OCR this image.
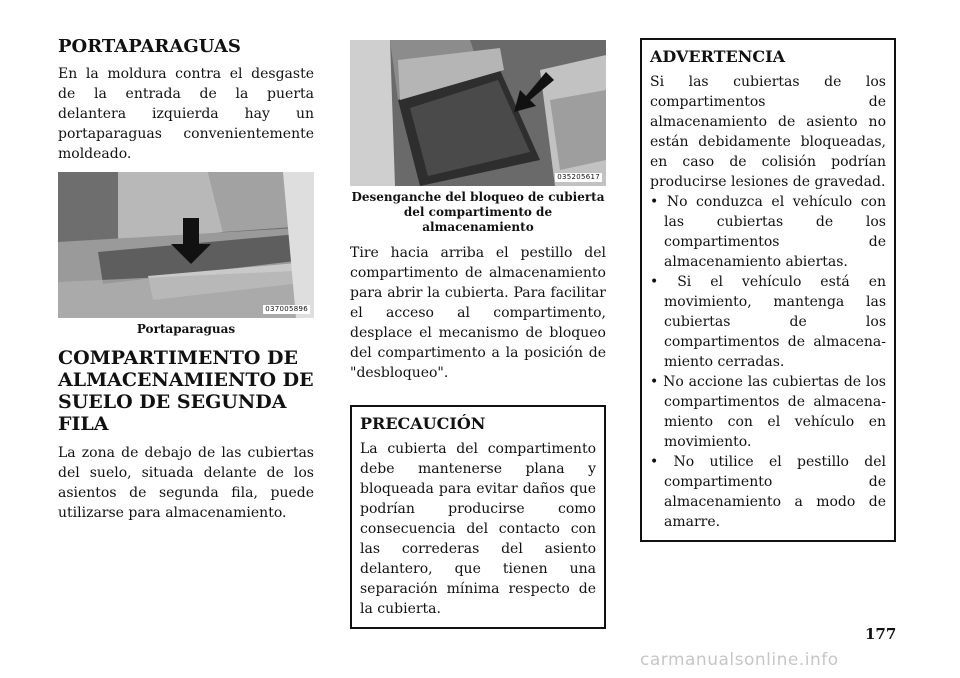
PORTAPARAGUAS

En la moldura contra el desgaste de la entrada de la puerta delantera izquierda hay un portaparaguas convenientemente moldeado.

037005896
Portaparaguas
COMPARTIMENTO DE ALMACENAMIENTO DE SUELO DE SEGUNDA FILA

La zona de debajo de las cubiertas del suelo, situada delante de los asientos de segunda fila, puede utilizarse para almacenamiento.

035205617
Desenganche del bloqueo de cubierta del compartimento de almacenamiento

Tire hacia arriba el pestillo del compartimento de almacenamiento para abrir la cubierta. Para facilitar el acceso al compartimento, desplace el mecanismo de bloqueo del compartimento a la posición de "desbloqueo".

PRECAUCIÓN

La cubierta del compartimento debe mantenerse plana y bloqueada para evitar daños que podrían producirse como consecuencia del contacto con las correderas del asiento delantero, que tienen una separación mínima respecto de la cubierta.

ADVERTENCIA

Si las cubiertas de los compartimentos de almacenamiento de asiento no están debidamente bloqueadas, en caso de colisión podrían producirse lesiones de gravedad.

• No conduzca el vehículo con las cubiertas de los compartimentos de almacenamiento abiertas.
• Si el vehículo está en movimiento, mantenga las cubiertas de los compartimentos de almacenamiento cerradas.
• No accione las cubiertas de los compartimentos de almacenamiento con el vehículo en movimiento.
• No utilice el pestillo del compartimento de almacenamiento a modo de amarre.
177
carmanualsonline.info
